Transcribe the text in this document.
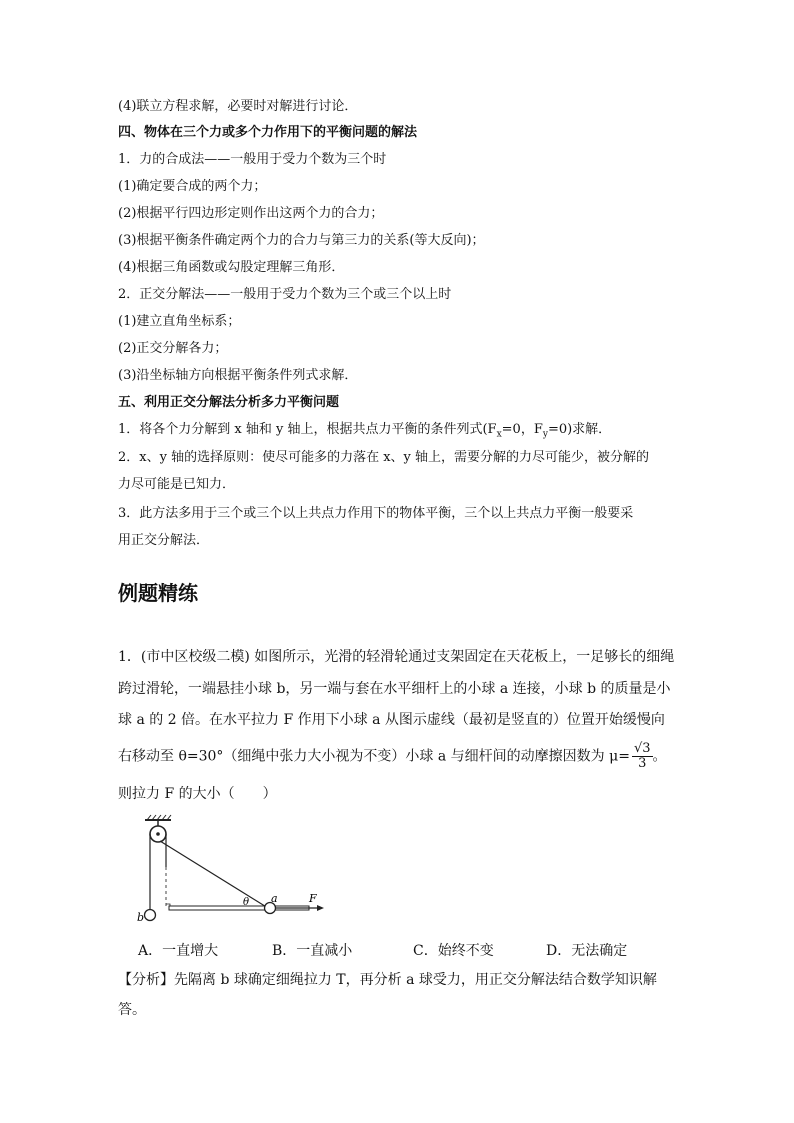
(4)联立方程求解，必要时对解进行讨论．
四、物体在三个力或多个力作用下的平衡问题的解法
1．力的合成法——一般用于受力个数为三个时
(1)确定要合成的两个力；
(2)根据平行四边形定则作出这两个力的合力；
(3)根据平衡条件确定两个力的合力与第三力的关系(等大反向)；
(4)根据三角函数或勾股定理解三角形．
2．正交分解法——一般用于受力个数为三个或三个以上时
(1)建立直角坐标系；
(2)正交分解各力；
(3)沿坐标轴方向根据平衡条件列式求解．
五、利用正交分解法分析多力平衡问题
1．将各个力分解到 x 轴和 y 轴上，根据共点力平衡的条件列式($F_x=0$，$F_y=0$)求解．
2．x、y 轴的选择原则：使尽可能多的力落在 x、y 轴上，需要分解的力尽可能少，被分解的
力尽可能是已知力．
3．此方法多用于三个或三个以上共点力作用下的物体平衡，三个以上共点力平衡一般要采
用正交分解法．
例题精练
1．(市中区校级二模) 如图所示，光滑的轻滑轮通过支架固定在天花板上，一足够长的细绳
跨过滑轮，一端悬挂小球 b，另一端与套在水平细杆上的小球 a 连接，小球 b 的质量是小
球 a 的 2 倍。在水平拉力 F 作用下小球 a 从图示虚线（最初是竖直的）位置开始缓慢向
右移动至 θ=30°（细绳中张力大小视为不变）小球 a 与细杆间的动摩擦因数为 $\mu= \frac{√3}{3}$ 。
则拉力 F 的大小（　　）
b
a
θ	F
A．一直增大	B．一直减小	C．始终不变	D．无法确定
【分析】先隔离 b 球确定细绳拉力 T，再分析 a 球受力，用正交分解法结合数学知识解
答。
